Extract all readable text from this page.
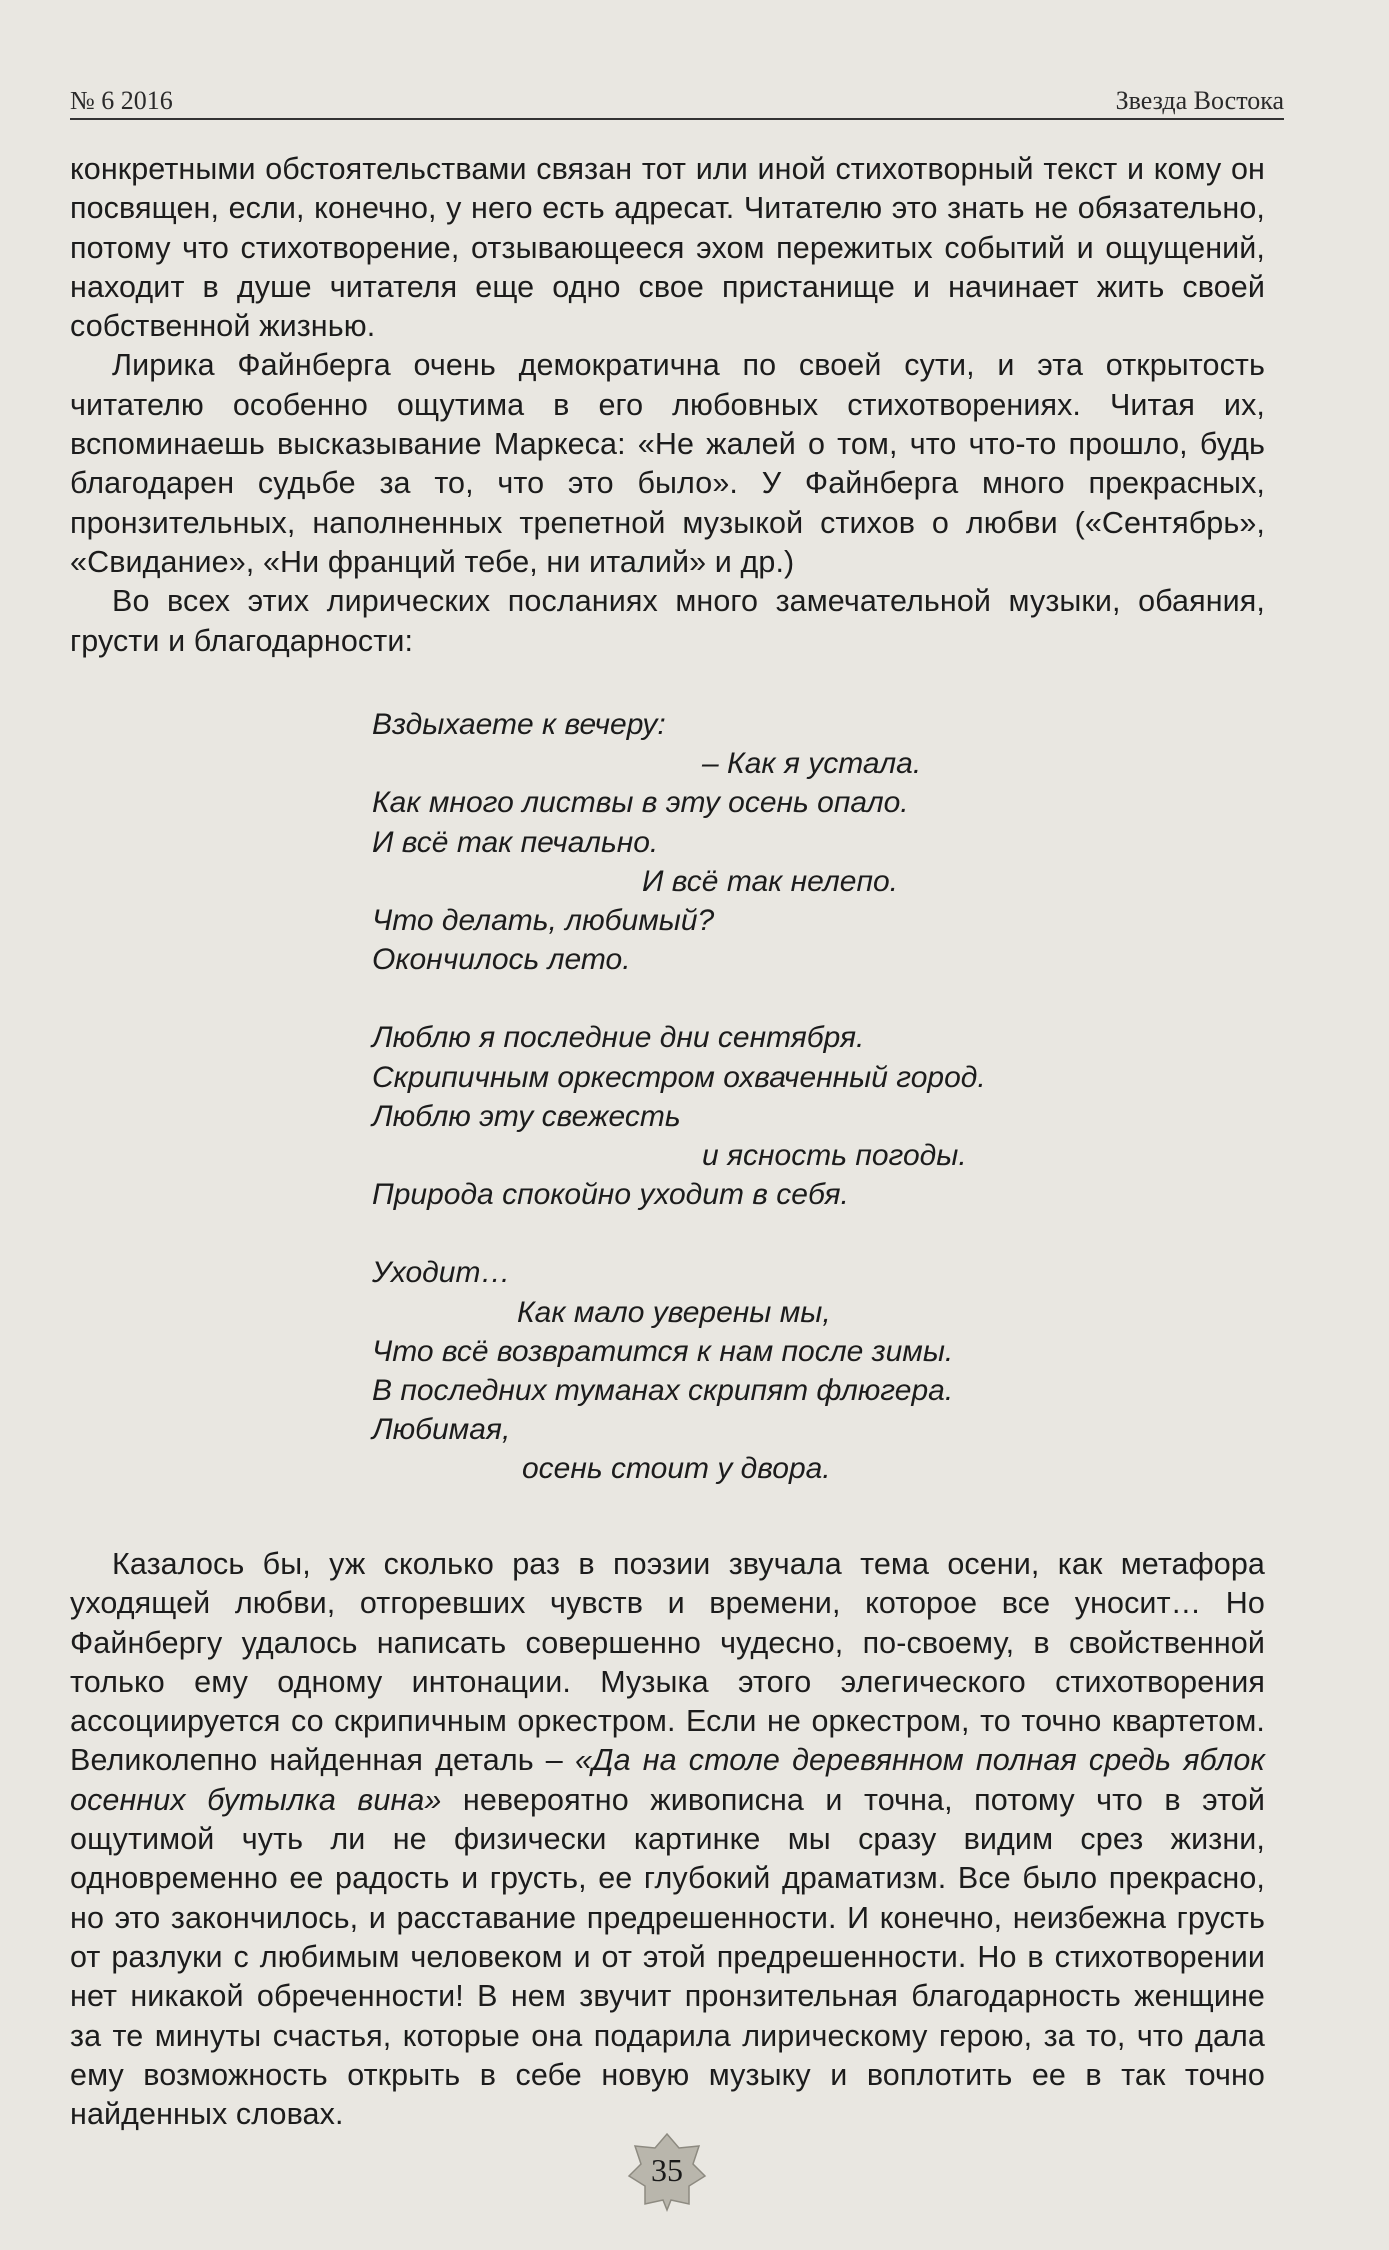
№ 6 2016	Звезда Востока

конкретными обстоятельствами связан тот или иной стихотворный текст и кому он посвящен, если, конечно, у него есть адресат. Читателю это знать не обязательно, потому что стихотворение, отзывающееся эхом пережитых событий и ощущений, находит в душе читателя еще одно свое пристанище и начинает жить своей собственной жизнью.

Лирика Файнберга очень демократична по своей сути, и эта открытость читателю особенно ощутима в его любовных стихотворениях. Читая их, вспоминаешь высказывание Маркеса: «Не жалей о том, что что-то прошло, будь благодарен судьбе за то, что это было». У Файнберга много прекрасных, пронзительных, наполненных трепетной музыкой стихов о любви («Сентябрь», «Свидание», «Ни франций тебе, ни италий» и др.)

Во всех этих лирических посланиях много замечательной музыки, обаяния, грусти и благодарности:

Вздыхаете к вечеру:

– Как я устала.

Как много листвы в эту осень опало.

И всё так печально.

И всё так нелепо.

Что делать, любимый?

Окончилось лето.

Люблю я последние дни сентября.

Скрипичным оркестром охваченный город.

Люблю эту свежесть

и ясность погоды.

Природа спокойно уходит в себя.

Уходит…

Как мало уверены мы,

Что всё возвратится к нам после зимы.

В последних туманах скрипят флюгера.

Любимая,

осень стоит у двора.

Казалось бы, уж сколько раз в поэзии звучала тема осени, как метафора уходящей любви, отгоревших чувств и времени, которое все уносит… Но Файнбергу удалось написать совершенно чудесно, по-своему, в свойственной только ему одному интонации. Музыка этого элегического стихотворения ассоциируется со скрипичным оркестром. Если не оркестром, то точно квартетом. Великолепно найденная деталь – «Да на столе деревянном полная средь яблок осенних бутылка вина» невероятно живописна и точна, потому что в этой ощутимой чуть ли не физически картинке мы сразу видим срез жизни, одновременно ее радость и грусть, ее глубокий драматизм. Все было прекрасно, но это закончилось, и расставание предрешенности. И конечно, неизбежна грусть от разлуки с любимым человеком и от этой предрешенности. Но в стихотворении нет никакой обреченности! В нем звучит пронзительная благодарность женщине за те минуты счастья, которые она подарила лирическому герою, за то, что дала ему возможность открыть в себе новую музыку и воплотить ее в так точно найденных словах.

35
